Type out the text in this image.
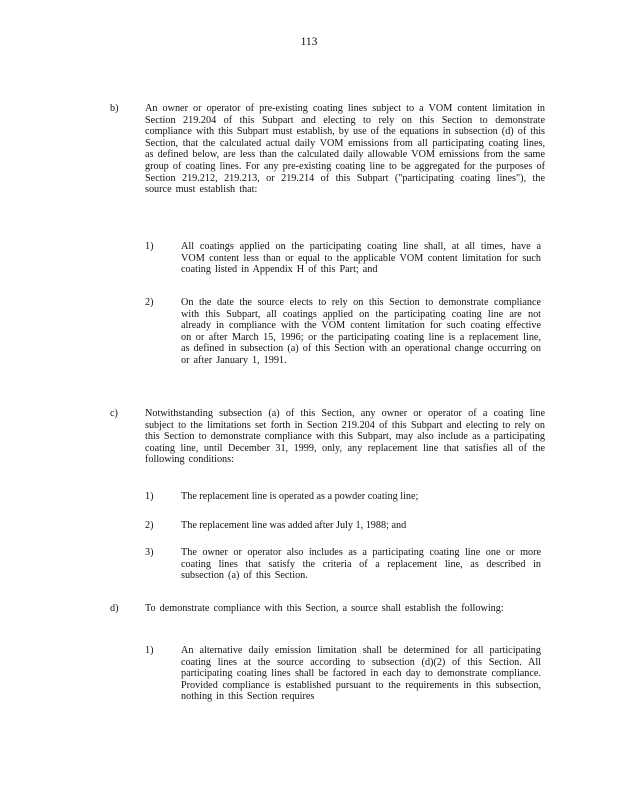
113
b)	An owner or operator of pre-existing coating lines subject to a VOM content limitation in Section 219.204 of this Subpart and electing to rely on this Section to demonstrate compliance with this Subpart must establish, by use of the equations in subsection (d) of this Section, that the calculated actual daily VOM emissions from all participating coating lines, as defined below, are less than the calculated daily allowable VOM emissions from the same group of coating lines. For any pre-existing coating line to be aggregated for the purposes of Section 219.212, 219.213, or 219.214 of this Subpart ("participating coating lines"), the source must establish that:
1)	All coatings applied on the participating coating line shall, at all times, have a VOM content less than or equal to the applicable VOM content limitation for such coating listed in Appendix H of this Part; and
2)	On the date the source elects to rely on this Section to demonstrate compliance with this Subpart, all coatings applied on the participating coating line are not already in compliance with the VOM content limitation for such coating effective on or after March 15, 1996; or the participating coating line is a replacement line, as defined in subsection (a) of this Section with an operational change occurring on or after January 1, 1991.
c)	Notwithstanding subsection (a) of this Section, any owner or operator of a coating line subject to the limitations set forth in Section 219.204 of this Subpart and electing to rely on this Section to demonstrate compliance with this Subpart, may also include as a participating coating line, until December 31, 1999, only, any replacement line that satisfies all of the following conditions:
1)	The replacement line is operated as a powder coating line;
2)	The replacement line was added after July 1, 1988; and
3)	The owner or operator also includes as a participating coating line one or more coating lines that satisfy the criteria of a replacement line, as described in subsection (a) of this Section.
d)	To demonstrate compliance with this Section, a source shall establish the following:
1)	An alternative daily emission limitation shall be determined for all participating coating lines at the source according to subsection (d)(2) of this Section. All participating coating lines shall be factored in each day to demonstrate compliance. Provided compliance is established pursuant to the requirements in this subsection, nothing in this Section requires
